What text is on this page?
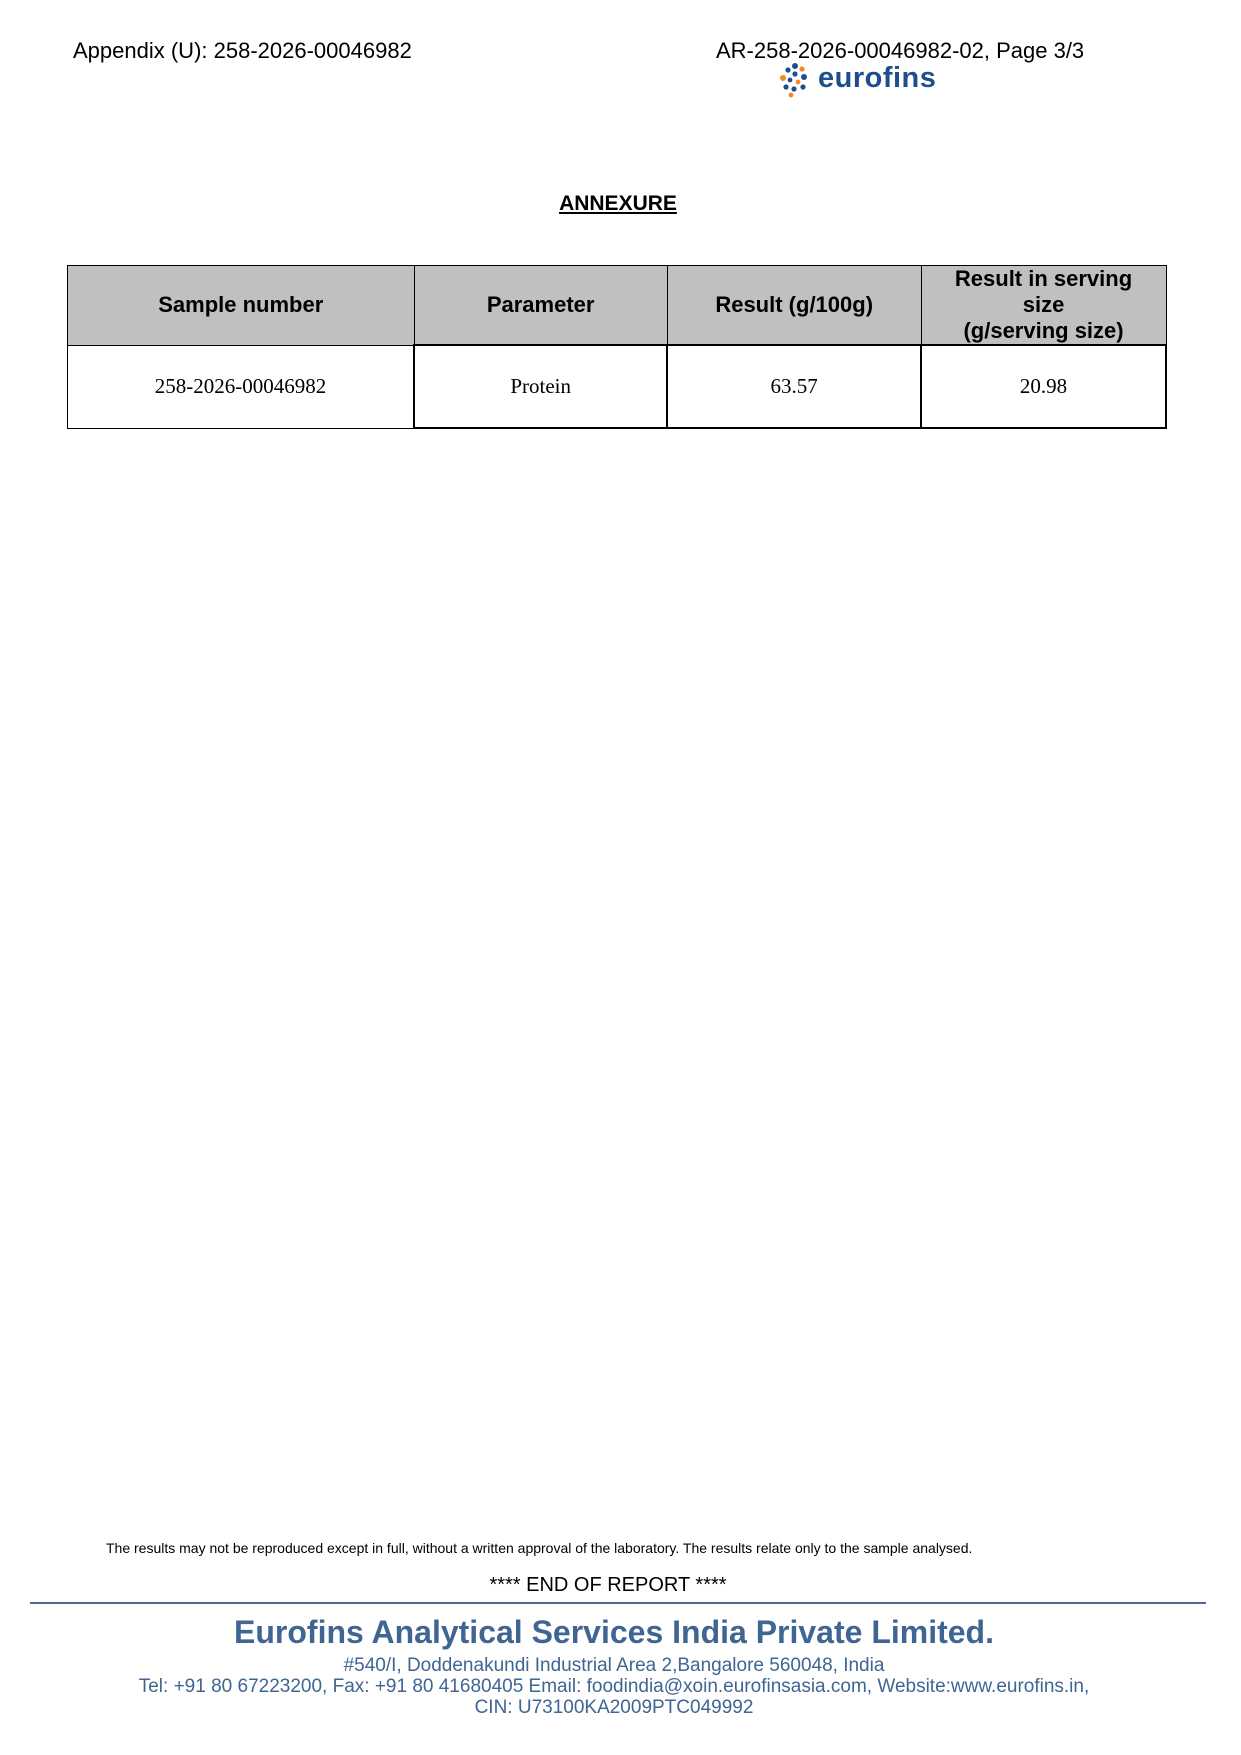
Appendix (U): 258-2026-00046982	AR-258-2026-00046982-02, Page 3/3
eurofins
ANNEXURE
Sample number	Parameter	Result (g/100g)	Result in serving
size
(g/serving size)
258-2026-00046982	Protein	63.57	20.98
The results may not be reproduced except in full, without a written approval of the laboratory. The results relate only to the sample analysed.
**** END OF REPORT ****
Eurofins Analytical Services India Private Limited.
#540/I, Doddenakundi Industrial Area 2,Bangalore 560048, India
Tel: +91 80 67223200, Fax: +91 80 41680405 Email: foodindia@xoin.eurofinsasia.com, Website:www.eurofins.in,
CIN: U73100KA2009PTC049992
